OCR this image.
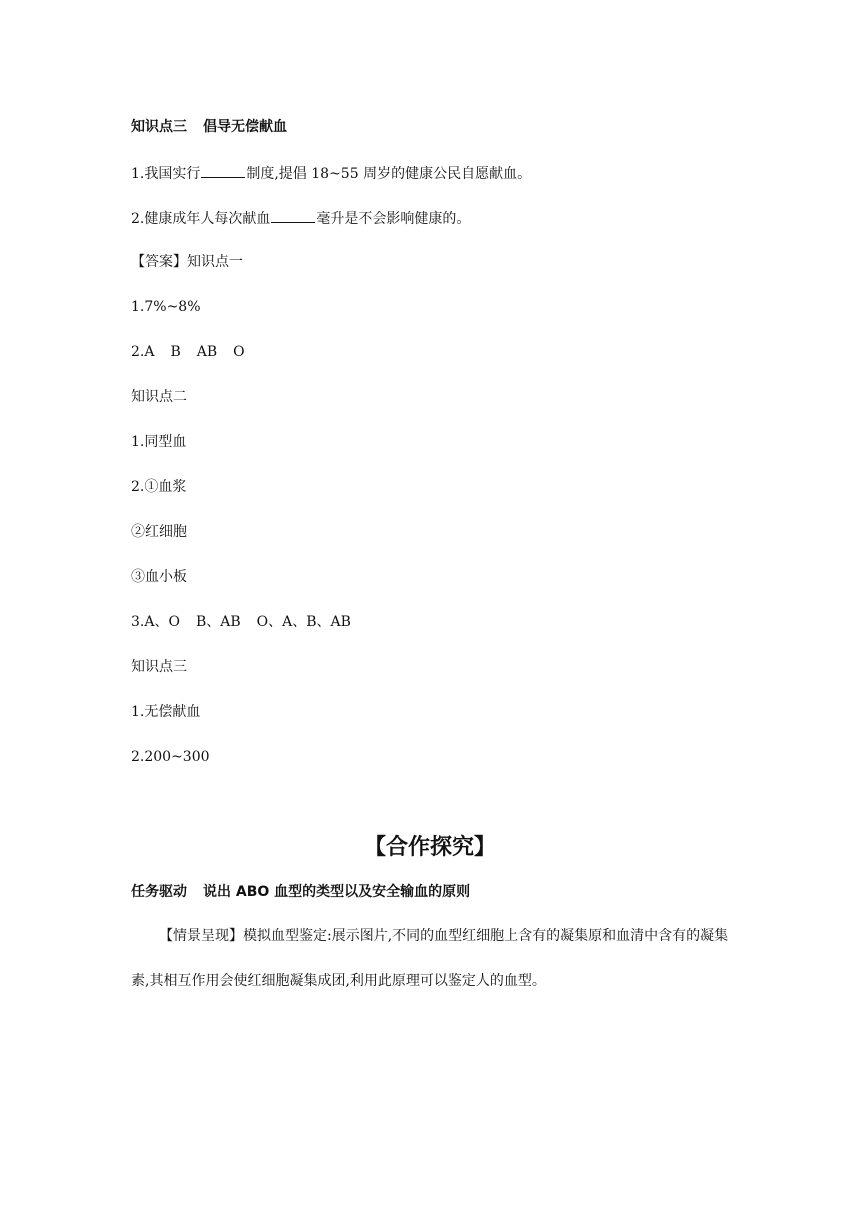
知识点三 倡导无偿献血
1.我国实行	制度,提倡 18~55 周岁的健康公民自愿献血。
2.健康成年人每次献血	毫升是不会影响健康的。
【答案】知识点一
1.7%~8%
2.A B AB O
知识点二
1.同型血
2.①血浆
②红细胞
③血小板
3.A、O B、AB O、A、B、AB
知识点三
1.无偿献血
2.200~300
【合作探究】
任务驱动 说出 ABO 血型的类型以及安全输血的原则
【情景呈现】模拟血型鉴定:展示图片,不同的血型红细胞上含有的凝集原和血清中含有的凝集素,其相互作用会使红细胞凝集成团,利用此原理可以鉴定人的血型。
